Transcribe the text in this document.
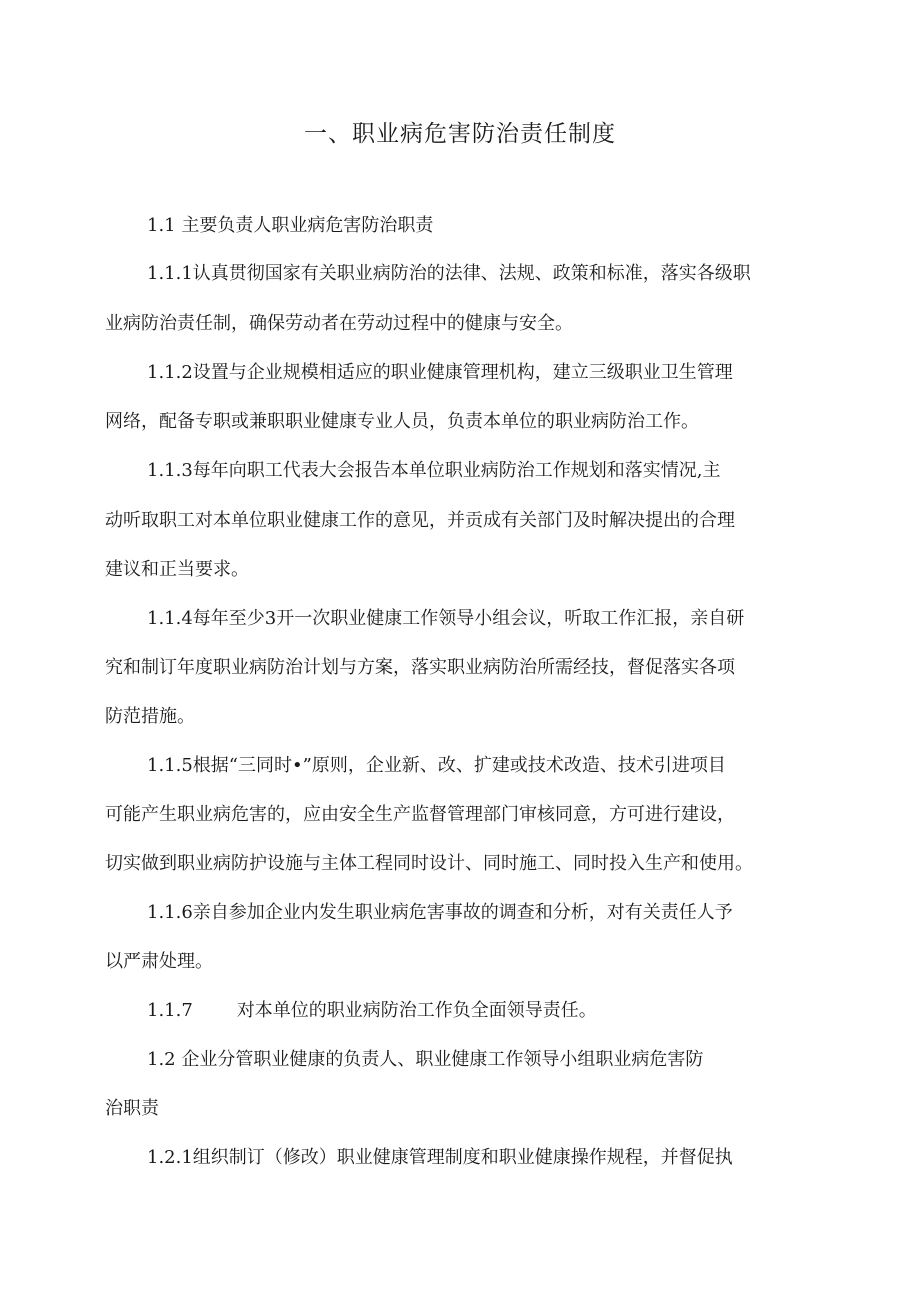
一、职业病危害防治责任制度
1.1 主要负责人职业病危害防治职责
1.1.1认真贯彻国家有关职业病防治的法律、法规、政策和标准，落实各级职
业病防治责任制，确保劳动者在劳动过程中的健康与安全。
1.1.2设置与企业规模相适应的职业健康管理机构，建立三级职业卫生管理
网络，配备专职或兼职职业健康专业人员，负责本单位的职业病防治工作。
1.1.3每年向职工代表大会报告本单位职业病防治工作规划和落实情况,主
动听取职工对本单位职业健康工作的意见，并贡成有关部门及时解决提出的合理
建议和正当要求。
1.1.4每年至少3开一次职业健康工作领导小组会议，听取工作汇报，亲自研
究和制订年度职业病防治计划与方案，落实职业病防治所需经技，督促落实各项
防范措施。
1.1.5根据“三同时•”原则，企业新、改、扩建或技术改造、技术引进项目
可能产生职业病危害的，应由安全生产监督管理部门审核同意，方可进行建设，
切实做到职业病防护设施与主体工程同时设计、同时施工、同时投入生产和使用。
1.1.6亲自参加企业内发生职业病危害事故的调查和分析，对有关责任人予
以严肃处理。
1.1.7 对本单位的职业病防治工作负全面领导责任。
1.2 企业分管职业健康的负责人、职业健康工作领导小组职业病危害防
治职责
1.2.1组织制订（修改）职业健康管理制度和职业健康操作规程，并督促执
